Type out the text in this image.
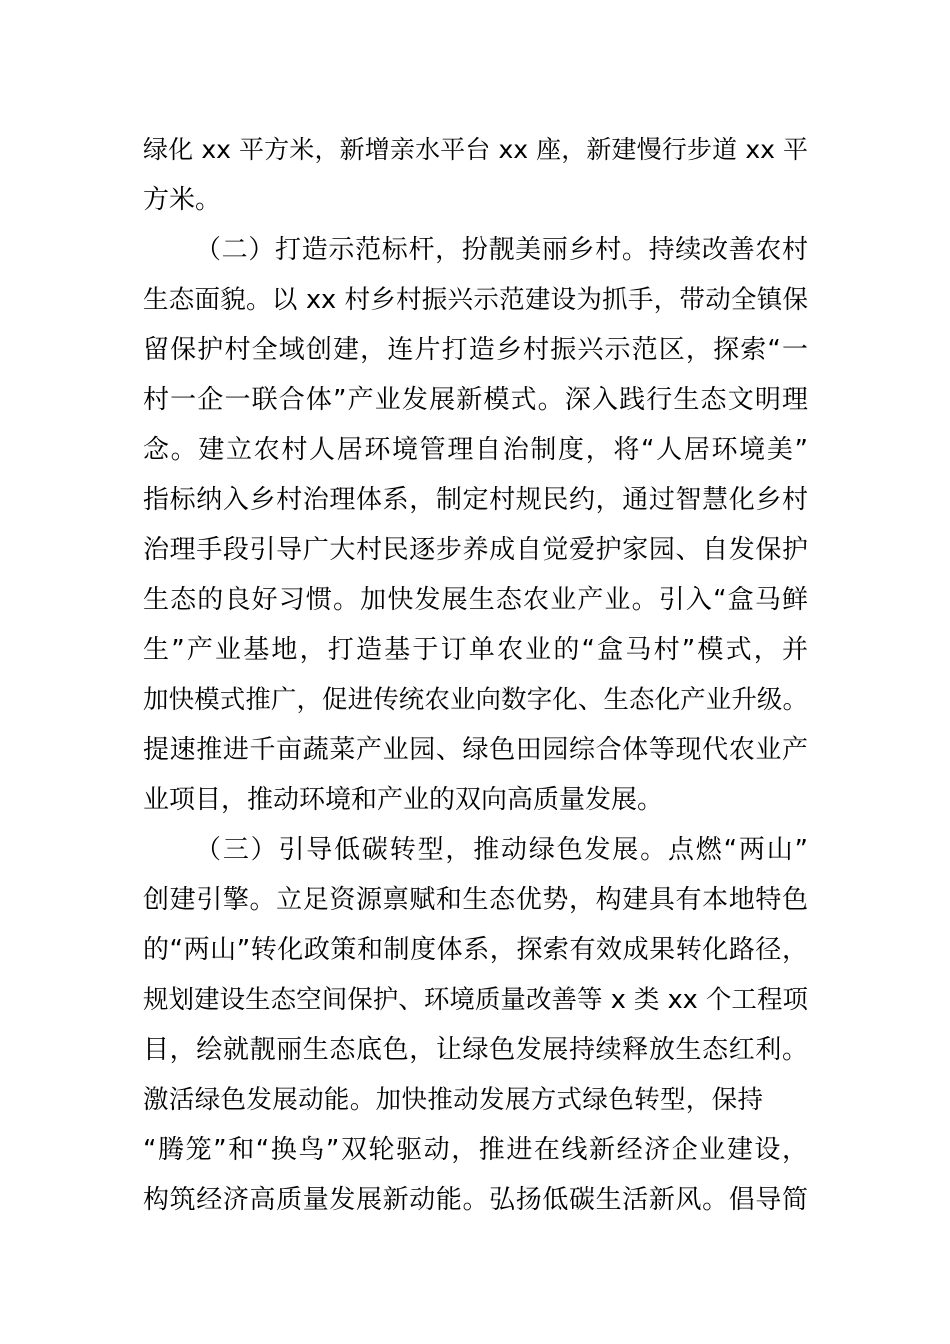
绿化 xx 平方米，新增亲水平台 xx 座，新建慢行步道 xx 平
方米。
（二）打造示范标杆，扮靓美丽乡村。持续改善农村
生态面貌。以 xx 村乡村振兴示范建设为抓手，带动全镇保
留保护村全域创建，连片打造乡村振兴示范区，探索“一
村一企一联合体”产业发展新模式。深入践行生态文明理
念。建立农村人居环境管理自治制度，将“人居环境美”
指标纳入乡村治理体系，制定村规民约，通过智慧化乡村
治理手段引导广大村民逐步养成自觉爱护家园、自发保护
生态的良好习惯。加快发展生态农业产业。引入“盒马鲜
生”产业基地，打造基于订单农业的“盒马村”模式，并
加快模式推广，促进传统农业向数字化、生态化产业升级。
提速推进千亩蔬菜产业园、绿色田园综合体等现代农业产
业项目，推动环境和产业的双向高质量发展。
（三）引导低碳转型，推动绿色发展。点燃“两山”
创建引擎。立足资源禀赋和生态优势，构建具有本地特色
的“两山”转化政策和制度体系，探索有效成果转化路径，
规划建设生态空间保护、环境质量改善等 x 类 xx 个工程项
目，绘就靓丽生态底色，让绿色发展持续释放生态红利。
激活绿色发展动能。加快推动发展方式绿色转型，保持
“腾笼”和“换鸟”双轮驱动，推进在线新经济企业建设，
构筑经济高质量发展新动能。弘扬低碳生活新风。倡导简
